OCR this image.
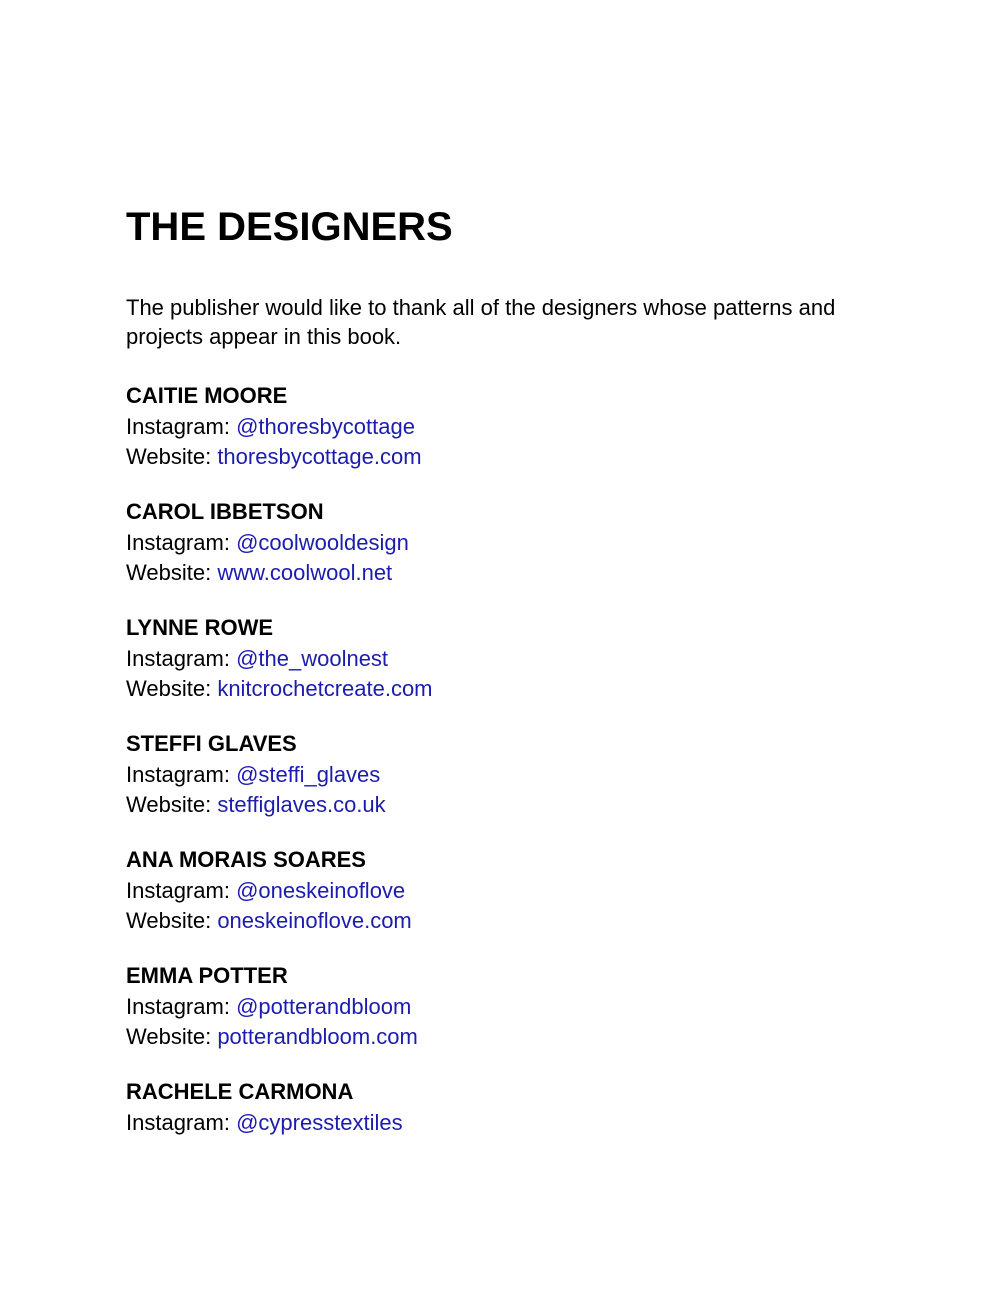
THE DESIGNERS

The publisher would like to thank all of the designers whose patterns and projects appear in this book.

CAITIE MOORE

Instagram: @thoresbycottage

Website: thoresbycottage.com

CAROL IBBETSON

Instagram: @coolwooldesign

Website: www.coolwool.net

LYNNE ROWE

Instagram: @the_woolnest

Website: knitcrochetcreate.com

STEFFI GLAVES

Instagram: @steffi_glaves

Website: steffiglaves.co.uk

ANA MORAIS SOARES

Instagram: @oneskeinoflove

Website: oneskeinoflove.com

EMMA POTTER

Instagram: @potterandbloom

Website: potterandbloom.com

RACHELE CARMONA

Instagram: @cypresstextiles
